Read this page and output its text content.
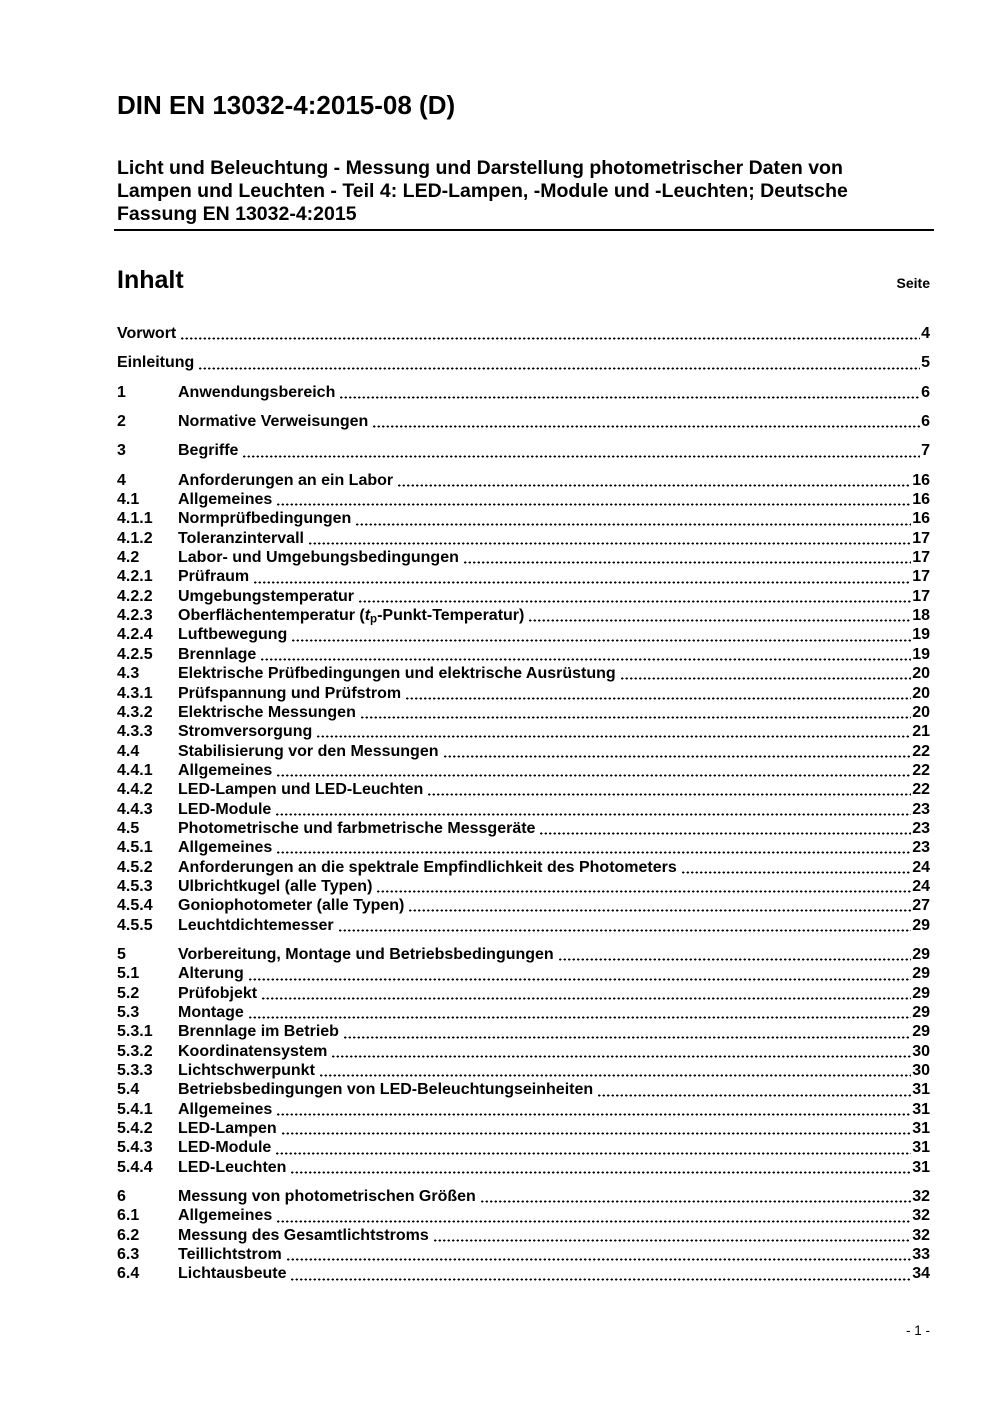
DIN EN 13032-4:2015-08 (D)
Licht und Beleuchtung - Messung und Darstellung photometrischer Daten von
Lampen und Leuchten - Teil 4: LED-Lampen, -Module und -Leuchten; Deutsche
Fassung EN 13032-4:2015
Inhalt	Seite
Vorwort	4
Einleitung	5
1	Anwendungsbereich	6
2	Normative Verweisungen	6
3	Begriffe	7
4	Anforderungen an ein Labor	16
4.1	Allgemeines	16
4.1.1	Normprüfbedingungen	16
4.1.2	Toleranzintervall	17
4.2	Labor- und Umgebungsbedingungen	17
4.2.1	Prüfraum	17
4.2.2	Umgebungstemperatur	17
4.2.3	Oberflächentemperatur $(t_p-Punkt-Temperatur)$	18
4.2.4	Luftbewegung	19
4.2.5	Brennlage	19
4.3	Elektrische Prüfbedingungen und elektrische Ausrüstung	20
4.3.1	Prüfspannung und Prüfstrom	20
4.3.2	Elektrische Messungen	20
4.3.3	Stromversorgung	21
4.4	Stabilisierung vor den Messungen	22
4.4.1	Allgemeines	22
4.4.2	LED-Lampen und LED-Leuchten	22
4.4.3	LED-Module	23
4.5	Photometrische und farbmetrische Messgeräte	23
4.5.1	Allgemeines	23
4.5.2	Anforderungen an die spektrale Empfindlichkeit des Photometers	24
4.5.3	Ulbrichtkugel (alle Typen)	24
4.5.4	Goniophotometer (alle Typen)	27
4.5.5	Leuchtdichtemesser	29
5	Vorbereitung, Montage und Betriebsbedingungen	29
5.1	Alterung	29
5.2	Prüfobjekt	29
5.3	Montage	29
5.3.1	Brennlage im Betrieb	29
5.3.2	Koordinatensystem	30
5.3.3	Lichtschwerpunkt	30
5.4	Betriebsbedingungen von LED-Beleuchtungseinheiten	31
5.4.1	Allgemeines	31
5.4.2	LED-Lampen	31
5.4.3	LED-Module	31
5.4.4	LED-Leuchten	31
6	Messung von photometrischen Größen	32
6.1	Allgemeines	32
6.2	Messung des Gesamtlichtstroms	32
6.3	Teillichtstrom	33
6.4	Lichtausbeute	34
- 1 -
